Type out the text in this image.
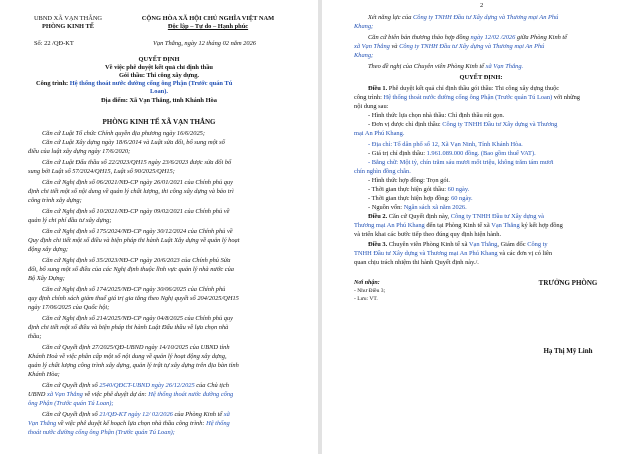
UBND XÃ VẠN THẮNG
PHÒNG KINH TẾ
Số: 22 /QĐ-KT
CỘNG HÒA XÃ HỘI CHỦ NGHĨA VIỆT NAM
Độc lập – Tự do – Hạnh phúc
Vạn Thắng, ngày 12 tháng 02 năm 2026
QUYẾT ĐỊNH
Về việc phê duyệt kết quả chỉ định thầu
Gói thầu: Thi công xây dựng.
Công trình: Hệ thống thoát nước đường cống ông Phận (Trước quán Tú
Loan).
Địa điểm: Xã Vạn Thắng, tỉnh Khánh Hòa
PHÒNG KINH TẾ XÃ VẠN THẮNG
Căn cứ Luật Tổ chức Chính quyền địa phương ngày 16/6/2025;
Căn cứ Luật Xây dựng ngày 18/6/2014 và Luật sửa đổi, bổ sung một số
điều của luật xây dựng ngày 17/6/2020;
Căn cứ Luật Đấu thầu số 22/2023/QH15 ngày 23/6/2023 được sửa đổi bổ
sung bởi Luật số 57/2024/QH15, Luật số 90/2025/QH15;
Căn cứ Nghị định số 06/2021/NĐ-CP ngày 26/01/2021 của Chính phủ quy
định chi tiết một số nội dung về quản lý chất lượng, thi công xây dựng và bảo trì
công trình xây dựng;
Căn cứ Nghị định số 10/2021/NĐ-CP ngày 09/02/2021 của Chính phủ về
quản lý chi phí đầu tư xây dựng;
Căn cứ Nghị định số 175/2024/NĐ-CP ngày 30/12/2024 của Chính phủ về
Quy định chi tiết một số điều và biện pháp thi hành Luật Xây dựng về quản lý hoạt
động xây dựng;
Căn cứ Nghị định số 35/2023/NĐ-CP ngày 20/6/2023 của Chính phủ Sửa
đổi, bổ sung một số điều của các Nghị định thuộc lĩnh vực quản lý nhà nước của
Bộ Xây Dựng;
Căn cứ Nghị định số 174/2025/NĐ-CP ngày 30/06/2025 của Chính phủ
quy định chính sách giảm thuế giá trị gia tăng theo Nghị quyết số 204/2025/QH15
ngày 17/06/2025 của Quốc hội;
Căn cứ Nghị định số 214/2025/NĐ-CP ngày 04/8/2025 của Chính phủ quy
định chi tiết một số điều và biện pháp thi hành Luật Đấu thầu về lựa chọn nhà
thầu;
Căn cứ Quyết định 27/2025/QĐ-UBND ngày 14/10/2025 của UBND tỉnh
Khánh Hoà về việc phân cấp một số nội dung về quản lý hoạt động xây dựng,
quản lý chất lượng công trình xây dựng, quản lý trật tự xây dựng trên địa bàn tỉnh
Khánh Hòa;
Căn cứ Quyết định số 2540/QĐCT-UBND ngày 26/12/2025 của Chủ tịch
UBND xã Vạn Thắng về việc phê duyệt dự án: Hệ thống thoát nước đường cống
ông Phận (Trước quán Tú Loan);
Căn cứ Quyết định số 21/QĐ-KT ngày 12/ 02/2026 của Phòng Kinh tế xã
Vạn Thắng về việc phê duyệt kế hoạch lựa chọn nhà thầu công trình: Hệ thống
thoát nước đường cống ông Phận (Trước quán Tú Loan);
2
Xét năng lực của Công ty TNHH Đầu tư Xây dựng và Thương mại An Phú
Khang;
Căn cứ biên bản thương thảo hợp đồng ngày 12/02 /2026 giữa Phòng Kinh tế
xã Vạn Thắng và Công ty TNHH Đầu tư Xây dựng và Thương mại An Phú
Khang;
Theo đề nghị của Chuyên viên Phòng Kinh tế xã Vạn Thắng.
QUYẾT ĐỊNH:
Điều 1. Phê duyệt kết quả chỉ định thầu gói thầu: Thi công xây dựng thuộc
công trình: Hệ thống thoát nước đường cống ông Phận (Trước quán Tú Loan) với những
nội dung sau:
- Hình thức lựa chọn nhà thầu: Chỉ định thầu rút gọn.
- Đơn vị được chỉ định thầu: Công ty TNHH Đầu tư Xây dựng và Thương
mại An Phú Khang.
- Địa chỉ: Tổ dân phố số 12, Xã Vạn Ninh, Tỉnh Khánh Hòa.
- Giá trị chỉ định thầu: 1.961.089.000 đồng. (Bao gồm thuế VAT).
- Bằng chữ: Một tỷ, chín trăm sáu mươi mốt triệu, không trăm tám mươi
chín nghìn đồng chẵn.
- Hình thức hợp đồng: Trọn gói.
- Thời gian thực hiện gói thầu: 60 ngày.
- Thời gian thực hiện hợp đồng: 60 ngày.
- Nguồn vốn: Ngân sách xã năm 2026.
Điều 2. Căn cứ Quyết định này, Công ty TNHH Đầu tư Xây dựng và
Thương mại An Phú Khang đến tại Phòng Kinh tế xã Vạn Thắng ký kết hợp đồng
và triển khai các bước tiếp theo đúng quy định hiện hành.
Điều 3. Chuyên viên Phòng Kinh tế xã Vạn Thắng, Giám đốc Công ty
TNHH Đầu tư Xây dựng và Thương mại An Phú Khang và các đơn vị có liên
quan chịu trách nhiệm thi hành Quyết định này./.
Nơi nhận:
- Như Điều 3;
- Lưu: VT.
TRƯỞNG PHÒNG
Hạ Thị Mỹ Linh
